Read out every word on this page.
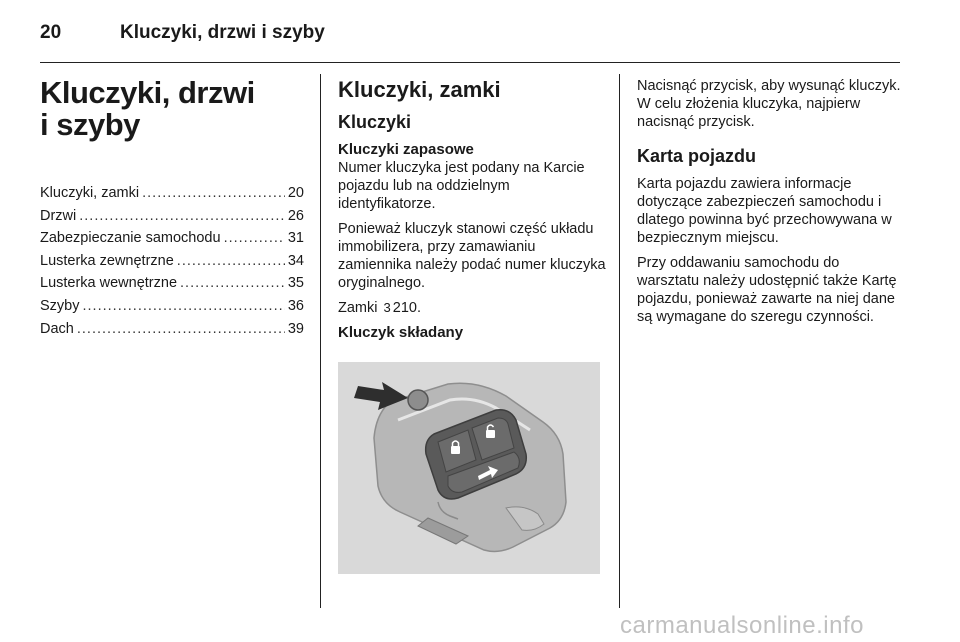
20	Kluczyki, drzwi i szyby
Kluczyki, drzwi
i szyby
Kluczyki, zamki .....	20
Drzwi .....	26
Zabezpieczanie samochodu .....	31
Lusterka zewnętrzne .....	34
Lusterka wewnętrzne .....	35
Szyby .....	36
Dach .....	39
Kluczyki, zamki
Kluczyki
Kluczyki zapasowe

Numer kluczyka jest podany na Karcie pojazdu lub na oddzielnym identyfikatorze.

Ponieważ kluczyk stanowi część układu immobilizera, przy zamawianiu zamiennika należy podać numer kluczyka oryginalnego.

Zamki 3 210.

Kluczyk składany

Nacisnąć przycisk, aby wysunąć kluczyk. W celu złożenia kluczyka, najpierw nacisnąć przycisk.

Karta pojazdu

Karta pojazdu zawiera informacje dotyczące zabezpieczeń samochodu i dlatego powinna być przechowywana w bezpiecznym miejscu.

Przy oddawaniu samochodu do warsztatu należy udostępnić także Kartę pojazdu, ponieważ zawarte na niej dane są wymagane do szeregu czynności.

carmanualsonline.info
